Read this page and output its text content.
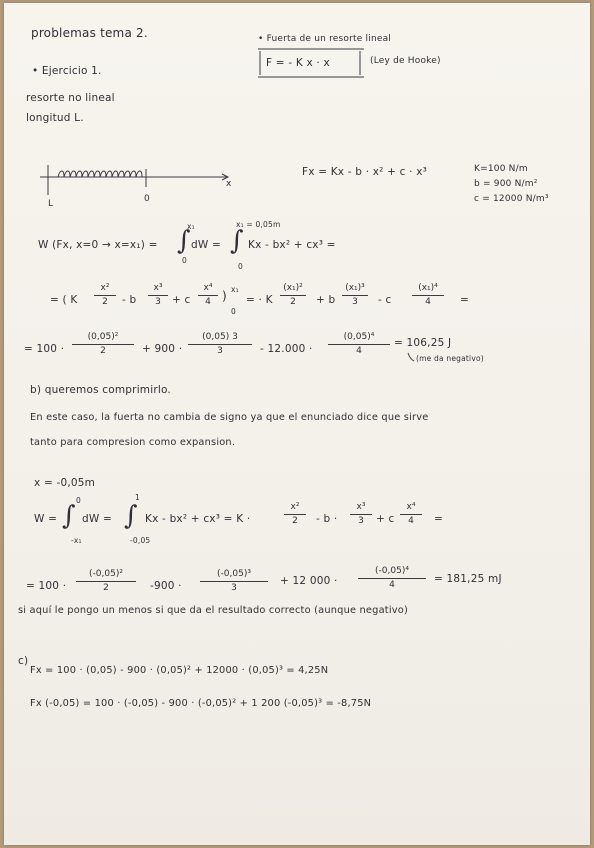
problemas tema 2.
• Ejercicio 1.
resorte no lineal
longitud L.
• Fuerta de un resorte lineal
F = - K x · x	(Ley de Hooke)
L	0
x
Fx = Kx - b · x² + c · x³	K=100 N/m
b = 900 N/m²
c = 12000 N/m³
W (Fx, x=0 → x=x₁) = ∫
x₁
0
dW = ∫
x₁ = 0,05m
0
Kx - bx² + cx³ =
= ( K
x²
2	- b
x³
3	+ c
x⁴
4 ) x₁
0
= · K
(x₁)²
2	+ b
(x₁)³
3	- c
(x₁)⁴
4	=
= 100 ·
(0,05)²
2	+ 900 ·
(0,05) 3
3	- 12.000 ·
(0,05)⁴
4
= 106,25 J
(me da negativo)
b) queremos comprimirlo.
En este caso, la fuerta no cambia de signo ya que el enunciado dice que sirve
tanto para compresion como expansion.
x = -0,05m
W = ∫
0
-x₁
dW = ∫
1
-0,05
Kx - bx² + cx³ = K ·
x²
2	- b ·
x³
3	+ c
x⁴
4	=
= 100 ·
(-0,05)²
2	-900 ·
(-0,05)³
3
+ 12 000 ·
(-0,05)⁴
4	= 181,25 mJ
si aquí le pongo un menos si que da el resultado correcto (aunque negativo)
c)
Fx = 100 · (0,05) - 900 · (0,05)² + 12000 · (0,05)³ = 4,25N
Fx (-0,05) = 100 · (-0,05) - 900 · (-0,05)² + 1 200 (-0,05)³ = -8,75N
